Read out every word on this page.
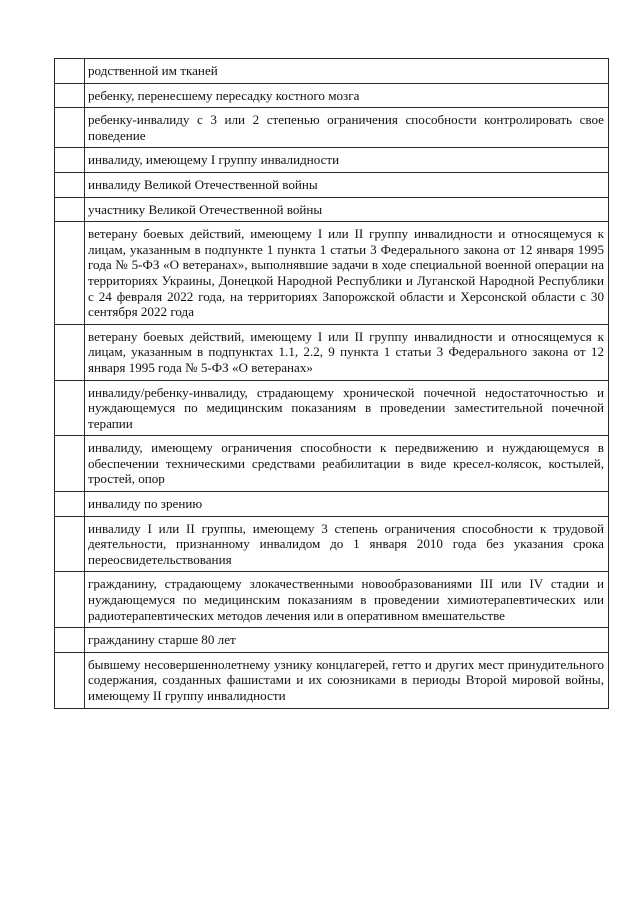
	родственной им тканей
	ребенку, перенесшему пересадку костного мозга
	ребенку-инвалиду с 3 или 2 степенью ограничения способности контролировать свое поведение
	инвалиду, имеющему I группу инвалидности
	инвалиду Великой Отечественной войны
	участнику Великой Отечественной войны
	ветерану боевых действий, имеющему I или II группу инвалидности и относящемуся к лицам, указанным в подпункте 1 пункта 1 статьи 3 Федерального закона от 12 января 1995 года № 5-ФЗ «О ветеранах», выполнявшие задачи в ходе специальной военной операции на территориях Украины, Донецкой Народной Республики и Луганской Народной Республики с 24 февраля 2022 года, на территориях Запорожской области и Херсонской области с 30 сентября 2022 года
	ветерану боевых действий, имеющему I или II группу инвалидности и относящемуся к лицам, указанным в подпунктах 1.1, 2.2, 9 пункта 1 статьи 3 Федерального закона от 12 января 1995 года № 5-ФЗ «О ветеранах»
	инвалиду/ребенку-инвалиду, страдающему хронической почечной недостаточностью и нуждающемуся по медицинским показаниям в проведении заместительной почечной терапии
	инвалиду, имеющему ограничения способности к передвижению и нуждающемуся в обеспечении техническими средствами реабилитации в виде кресел-колясок, костылей, тростей, опор
	инвалиду по зрению
	инвалиду I или II группы, имеющему 3 степень ограничения способности к трудовой деятельности, признанному инвалидом до 1 января 2010 года без указания срока переосвидетельствования
	гражданину, страдающему злокачественными новообразованиями III или IV стадии и нуждающемуся по медицинским показаниям в проведении химиотерапевтических или радиотерапевтических методов лечения или в оперативном вмешательстве
	гражданину старше 80 лет
	бывшему несовершеннолетнему узнику концлагерей, гетто и других мест принудительного содержания, созданных фашистами и их союзниками в периоды Второй мировой войны, имеющему II группу инвалидности
